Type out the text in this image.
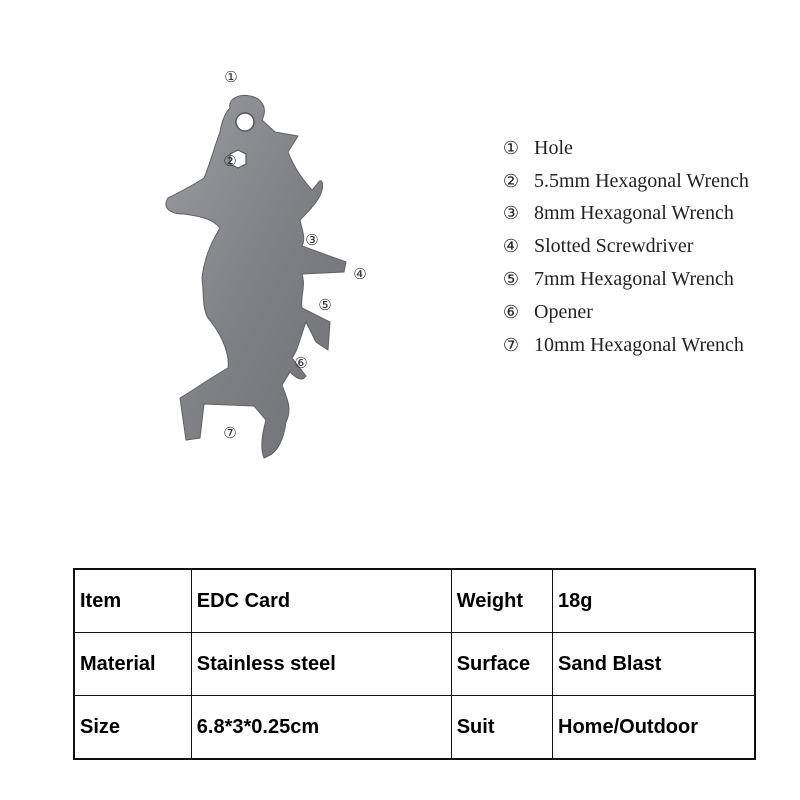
①
②
③
④
⑤
⑥
⑦
① Hole
② 5.5mm Hexagonal Wrench
③ 8mm Hexagonal Wrench
④ Slotted Screwdriver
⑤ 7mm Hexagonal Wrench
⑥ Opener
⑦ 10mm Hexagonal Wrench
Item	EDC Card	Weight	18g
Material	Stainless steel	Surface	Sand Blast
Size	6.8*3*0.25cm	Suit	Home/Outdoor
